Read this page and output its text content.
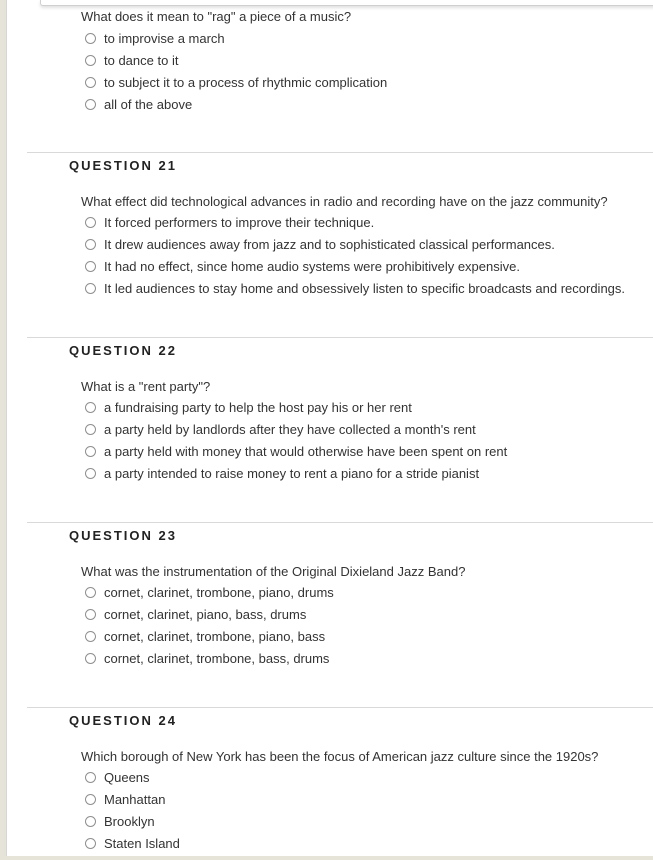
What does it mean to "rag" a piece of a music?
to improvise a march
to dance to it
to subject it to a process of rhythmic complication
all of the above
QUESTION 21
What effect did technological advances in radio and recording have on the jazz community?
It forced performers to improve their technique.
It drew audiences away from jazz and to sophisticated classical performances.
It had no effect, since home audio systems were prohibitively expensive.
It led audiences to stay home and obsessively listen to specific broadcasts and recordings.
QUESTION 22
What is a "rent party"?
a fundraising party to help the host pay his or her rent
a party held by landlords after they have collected a month's rent
a party held with money that would otherwise have been spent on rent
a party intended to raise money to rent a piano for a stride pianist
QUESTION 23
What was the instrumentation of the Original Dixieland Jazz Band?
cornet, clarinet, trombone, piano, drums
cornet, clarinet, piano, bass, drums
cornet, clarinet, trombone, piano, bass
cornet, clarinet, trombone, bass, drums
QUESTION 24
Which borough of New York has been the focus of American jazz culture since the 1920s?
Queens
Manhattan
Brooklyn
Staten Island
